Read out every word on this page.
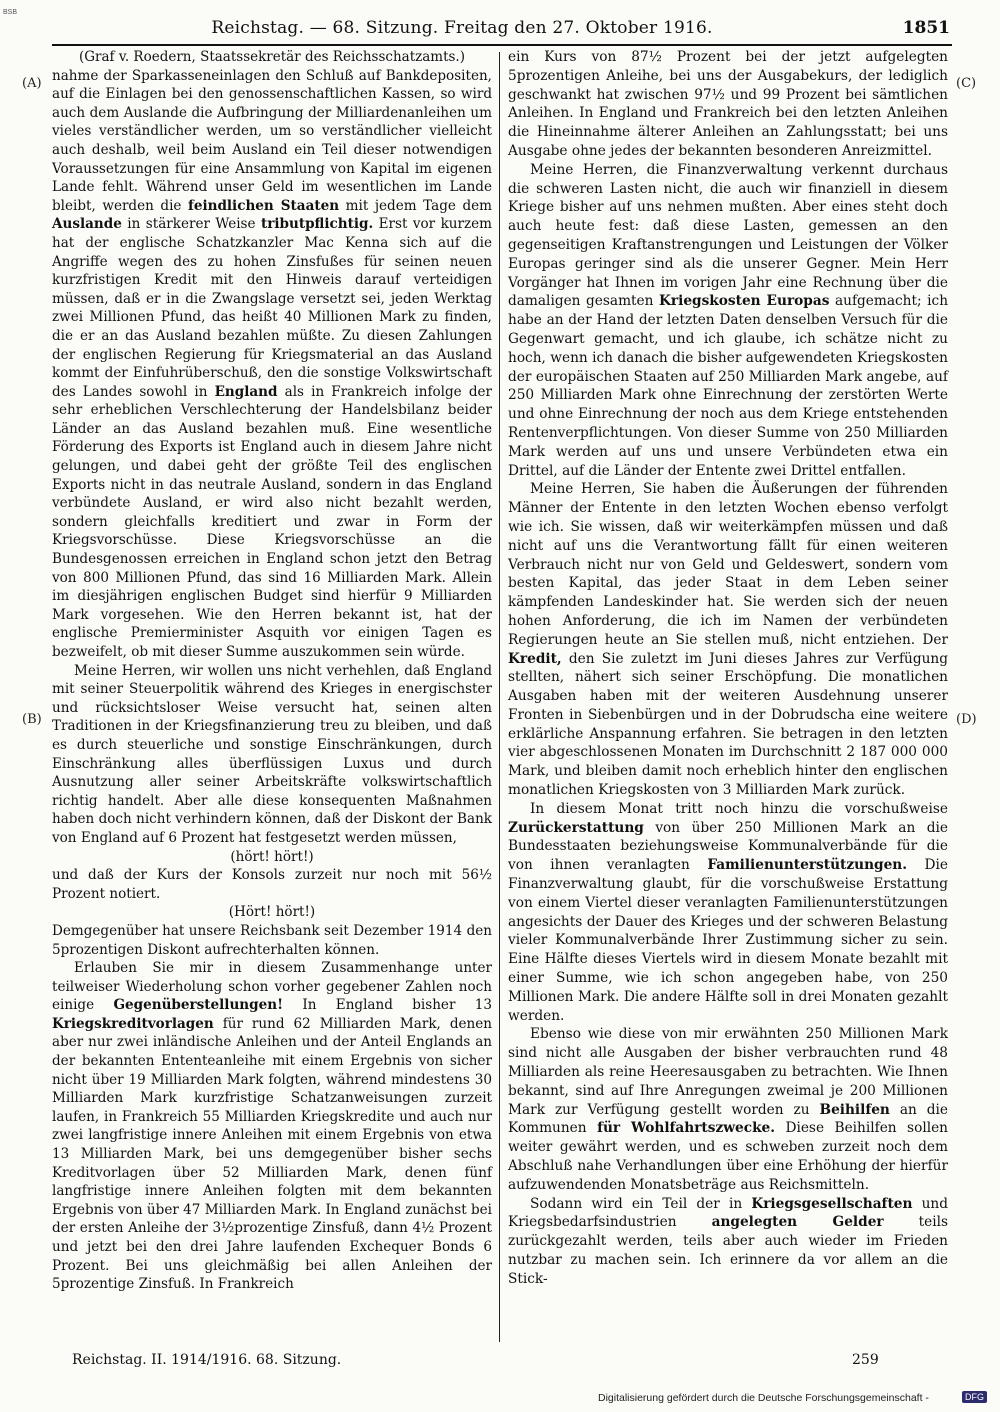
BSB
Reichstag. — 68. Sitzung. Freitag den 27. Oktober 1916.	1851
(A)
(B)
(C)
(D)

(Graf v. Roedern, Staatssekretär des Reichsschatzamts.)

nahme der Sparkasseneinlagen den Schluß auf Bankdepositen, auf die Einlagen bei den genossenschaftlichen Kassen, so wird auch dem Auslande die Aufbringung der Milliardenanleihen um vieles verständlicher werden, um so verständlicher vielleicht auch deshalb, weil beim Ausland ein Teil dieser notwendigen Voraussetzungen für eine Ansammlung von Kapital im eigenen Lande fehlt. Während unser Geld im wesentlichen im Lande bleibt, werden die feindlichen Staaten mit jedem Tage dem Auslande in stärkerer Weise tributpflichtig. Erst vor kurzem hat der englische Schatzkanzler Mac Kenna sich auf die Angriffe wegen des zu hohen Zinsfußes für seinen neuen kurzfristigen Kredit mit den Hinweis darauf verteidigen müssen, daß er in die Zwangslage versetzt sei, jeden Werktag zwei Millionen Pfund, das heißt 40 Millionen Mark zu finden, die er an das Ausland bezahlen müßte. Zu diesen Zahlungen der englischen Regierung für Kriegsmaterial an das Ausland kommt der Einfuhrüberschuß, den die sonstige Volkswirtschaft des Landes sowohl in England als in Frankreich infolge der sehr erheblichen Verschlechterung der Handelsbilanz beider Länder an das Ausland bezahlen muß. Eine wesentliche Förderung des Exports ist England auch in diesem Jahre nicht gelungen, und dabei geht der größte Teil des englischen Exports nicht in das neutrale Ausland, sondern in das England verbündete Ausland, er wird also nicht bezahlt werden, sondern gleichfalls kreditiert und zwar in Form der Kriegsvorschüsse. Diese Kriegsvorschüsse an die Bundesgenossen erreichen in England schon jetzt den Betrag von 800 Millionen Pfund, das sind 16 Milliarden Mark. Allein im diesjährigen englischen Budget sind hierfür 9 Milliarden Mark vorgesehen. Wie den Herren bekannt ist, hat der englische Premierminister Asquith vor einigen Tagen es bezweifelt, ob mit dieser Summe auszukommen sein würde.

Meine Herren, wir wollen uns nicht verhehlen, daß England mit seiner Steuerpolitik während des Krieges in energischster und rücksichtsloser Weise versucht hat, seinen alten Traditionen in der Kriegsfinanzierung treu zu bleiben, und daß es durch steuerliche und sonstige Einschränkungen, durch Einschränkung alles überflüssigen Luxus und durch Ausnutzung aller seiner Arbeitskräfte volkswirtschaftlich richtig handelt. Aber alle diese konsequenten Maßnahmen haben doch nicht verhindern können, daß der Diskont der Bank von England auf 6 Prozent hat festgesetzt werden müssen,

(hört! hört!)

und daß der Kurs der Konsols zurzeit nur noch mit 56½ Prozent notiert.

(Hört! hört!)

Demgegenüber hat unsere Reichsbank seit Dezember 1914 den 5prozentigen Diskont aufrechterhalten können.

Erlauben Sie mir in diesem Zusammenhange unter teilweiser Wiederholung schon vorher gegebener Zahlen noch einige Gegenüberstellungen! In England bisher 13 Kriegskreditvorlagen für rund 62 Milliarden Mark, denen aber nur zwei inländische Anleihen und der Anteil Englands an der bekannten Ententeanleihe mit einem Ergebnis von sicher nicht über 19 Milliarden Mark folgten, während mindestens 30 Milliarden Mark kurzfristige Schatzanweisungen zurzeit laufen, in Frankreich 55 Milliarden Kriegskredite und auch nur zwei langfristige innere Anleihen mit einem Ergebnis von etwa 13 Milliarden Mark, bei uns demgegenüber bisher sechs Kreditvorlagen über 52 Milliarden Mark, denen fünf langfristige innere Anleihen folgten mit dem bekannten Ergebnis von über 47 Milliarden Mark. In England zunächst bei der ersten Anleihe der 3½prozentige Zinsfuß, dann 4½ Prozent und jetzt bei den drei Jahre laufenden Exchequer Bonds 6 Prozent. Bei uns gleichmäßig bei allen Anleihen der 5prozentige Zinsfuß. In Frankreich

ein Kurs von 87½ Prozent bei der jetzt aufgelegten 5prozentigen Anleihe, bei uns der Ausgabekurs, der lediglich geschwankt hat zwischen 97½ und 99 Prozent bei sämtlichen Anleihen. In England und Frankreich bei den letzten Anleihen die Hineinnahme älterer Anleihen an Zahlungsstatt; bei uns Ausgabe ohne jedes der bekannten besonderen Anreizmittel.

Meine Herren, die Finanzverwaltung verkennt durchaus die schweren Lasten nicht, die auch wir finanziell in diesem Kriege bisher auf uns nehmen mußten. Aber eines steht doch auch heute fest: daß diese Lasten, gemessen an den gegenseitigen Kraftanstrengungen und Leistungen der Völker Europas geringer sind als die unserer Gegner. Mein Herr Vorgänger hat Ihnen im vorigen Jahr eine Rechnung über die damaligen gesamten Kriegskosten Europas aufgemacht; ich habe an der Hand der letzten Daten denselben Versuch für die Gegenwart gemacht, und ich glaube, ich schätze nicht zu hoch, wenn ich danach die bisher aufgewendeten Kriegskosten der europäischen Staaten auf 250 Milliarden Mark angebe, auf 250 Milliarden Mark ohne Einrechnung der zerstörten Werte und ohne Einrechnung der noch aus dem Kriege entstehenden Rentenverpflichtungen. Von dieser Summe von 250 Milliarden Mark werden auf uns und unsere Verbündeten etwa ein Drittel, auf die Länder der Entente zwei Drittel entfallen.

Meine Herren, Sie haben die Äußerungen der führenden Männer der Entente in den letzten Wochen ebenso verfolgt wie ich. Sie wissen, daß wir weiterkämpfen müssen und daß nicht auf uns die Verantwortung fällt für einen weiteren Verbrauch nicht nur von Geld und Geldeswert, sondern vom besten Kapital, das jeder Staat in dem Leben seiner kämpfenden Landeskinder hat. Sie werden sich der neuen hohen Anforderung, die ich im Namen der verbündeten Regierungen heute an Sie stellen muß, nicht entziehen. Der Kredit, den Sie zuletzt im Juni dieses Jahres zur Verfügung stellten, nähert sich seiner Erschöpfung. Die monatlichen Ausgaben haben mit der weiteren Ausdehnung unserer Fronten in Siebenbürgen und in der Dobrudscha eine weitere erklärliche Anspannung erfahren. Sie betragen in den letzten vier abgeschlossenen Monaten im Durchschnitt 2 187 000 000 Mark, und bleiben damit noch erheblich hinter den englischen monatlichen Kriegskosten von 3 Milliarden Mark zurück.

In diesem Monat tritt noch hinzu die vorschußweise Zurückerstattung von über 250 Millionen Mark an die Bundesstaaten beziehungsweise Kommunalverbände für die von ihnen veranlagten Familienunterstützungen. Die Finanzverwaltung glaubt, für die vorschußweise Erstattung von einem Viertel dieser veranlagten Familienunterstützungen angesichts der Dauer des Krieges und der schweren Belastung vieler Kommunalverbände Ihrer Zustimmung sicher zu sein. Eine Hälfte dieses Viertels wird in diesem Monate bezahlt mit einer Summe, wie ich schon angegeben habe, von 250 Millionen Mark. Die andere Hälfte soll in drei Monaten gezahlt werden.

Ebenso wie diese von mir erwähnten 250 Millionen Mark sind nicht alle Ausgaben der bisher verbrauchten rund 48 Milliarden als reine Heeresausgaben zu betrachten. Wie Ihnen bekannt, sind auf Ihre Anregungen zweimal je 200 Millionen Mark zur Verfügung gestellt worden zu Beihilfen an die Kommunen für Wohlfahrtszwecke. Diese Beihilfen sollen weiter gewährt werden, und es schweben zurzeit noch dem Abschluß nahe Verhandlungen über eine Erhöhung der hierfür aufzuwendenden Monatsbeträge aus Reichsmitteln.

Sodann wird ein Teil der in Kriegsgesellschaften und Kriegsbedarfsindustrien angelegten Gelder teils zurückgezahlt werden, teils aber auch wieder im Frieden nutzbar zu machen sein. Ich erinnere da vor allem an die Stick-

Reichstag. II. 1914/1916. 68. Sitzung.	259
Digitalisierung gefördert durch die Deutsche Forschungsgemeinschaft -	DFG
